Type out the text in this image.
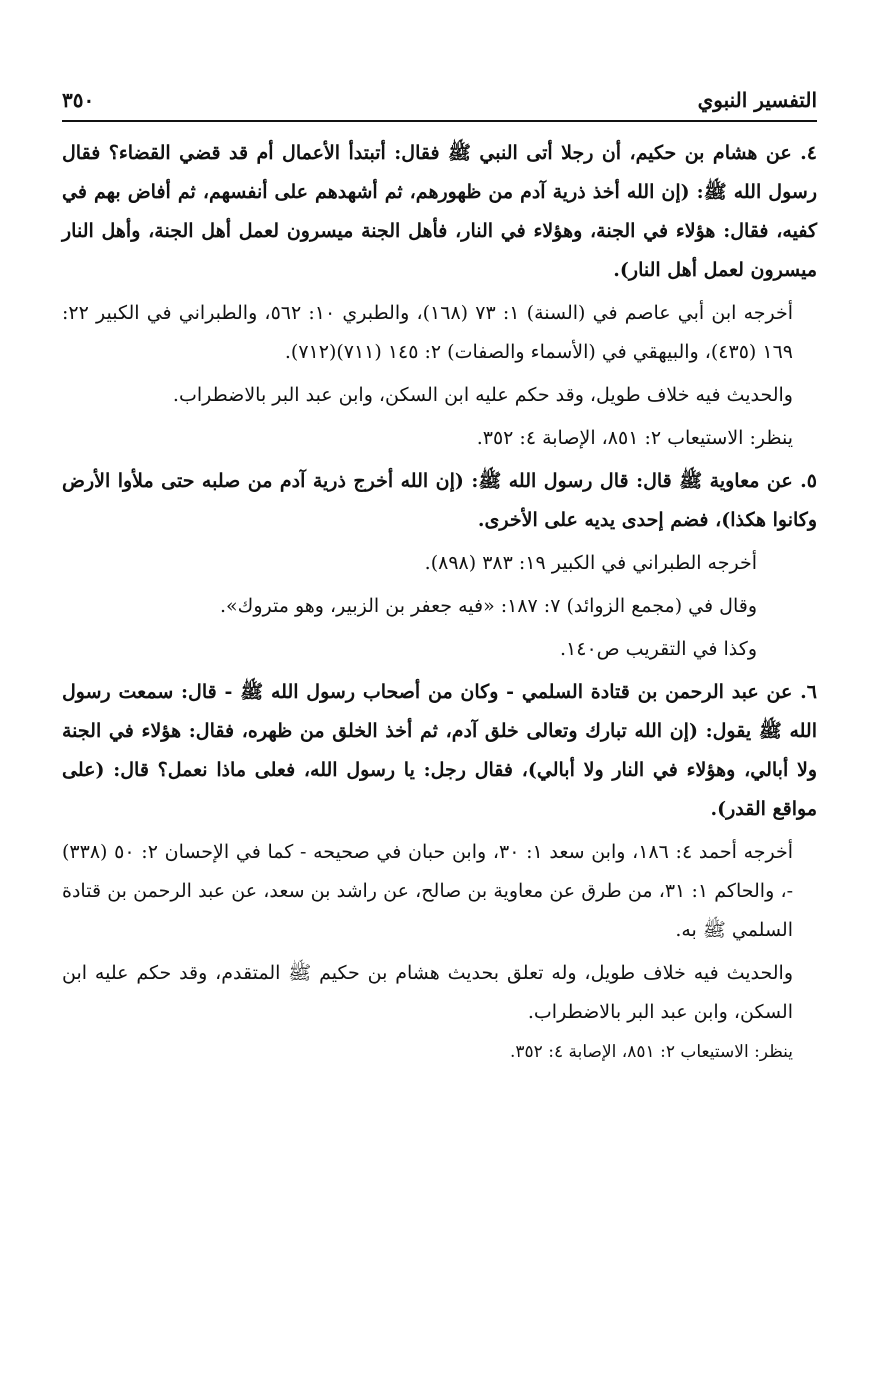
التفسير النبوي
٣٥٠

٤. عن هشام بن حكيم، أن رجلا أتى النبي ﷺ فقال: أتبتدأ الأعمال أم قد قضي القضاء؟ فقال رسول الله ﷺ: (إن الله أخذ ذرية آدم من ظهورهم، ثم أشهدهم على أنفسهم، ثم أفاض بهم في كفيه، فقال: هؤلاء في الجنة، وهؤلاء في النار، فأهل الجنة ميسرون لعمل أهل الجنة، وأهل النار ميسرون لعمل أهل النار).

أخرجه ابن أبي عاصم في (السنة) ١: ٧٣ (١٦٨)، والطبري ١٠: ٥٦٢، والطبراني في الكبير ٢٢: ١٦٩ (٤٣٥)، والبيهقي في (الأسماء والصفات) ٢: ١٤٥ (٧١١)(٧١٢).

والحديث فيه خلاف طويل، وقد حكم عليه ابن السكن، وابن عبد البر بالاضطراب.

ينظر: الاستيعاب ٢: ٨٥١، الإصابة ٤: ٣٥٢.

٥. عن معاوية ﷺ قال: قال رسول الله ﷺ: (إن الله أخرج ذرية آدم من صلبه حتى ملأوا الأرض وكانوا هكذا)، فضم إحدى يديه على الأخرى.

أخرجه الطبراني في الكبير ١٩: ٣٨٣ (٨٩٨).

وقال في (مجمع الزوائد) ٧: ١٨٧: «فيه جعفر بن الزبير، وهو متروك».

وكذا في التقريب ص١٤٠.

٦. عن عبد الرحمن بن قتادة السلمي - وكان من أصحاب رسول الله ﷺ - قال: سمعت رسول الله ﷺ يقول: (إن الله تبارك وتعالى خلق آدم، ثم أخذ الخلق من ظهره، فقال: هؤلاء في الجنة ولا أبالي، وهؤلاء في النار ولا أبالي)، فقال رجل: يا رسول الله، فعلى ماذا نعمل؟ قال: (على مواقع القدر).

أخرجه أحمد ٤: ١٨٦، وابن سعد ١: ٣٠، وابن حبان في صحيحه - كما في الإحسان ٢: ٥٠ (٣٣٨) -، والحاكم ١: ٣١، من طرق عن معاوية بن صالح، عن راشد بن سعد، عن عبد الرحمن بن قتادة السلمي ﷺ به.

والحديث فيه خلاف طويل، وله تعلق بحديث هشام بن حكيم ﷺ المتقدم، وقد حكم عليه ابن السكن، وابن عبد البر بالاضطراب.

ينظر: الاستيعاب ٢: ٨٥١، الإصابة ٤: ٣٥٢.
